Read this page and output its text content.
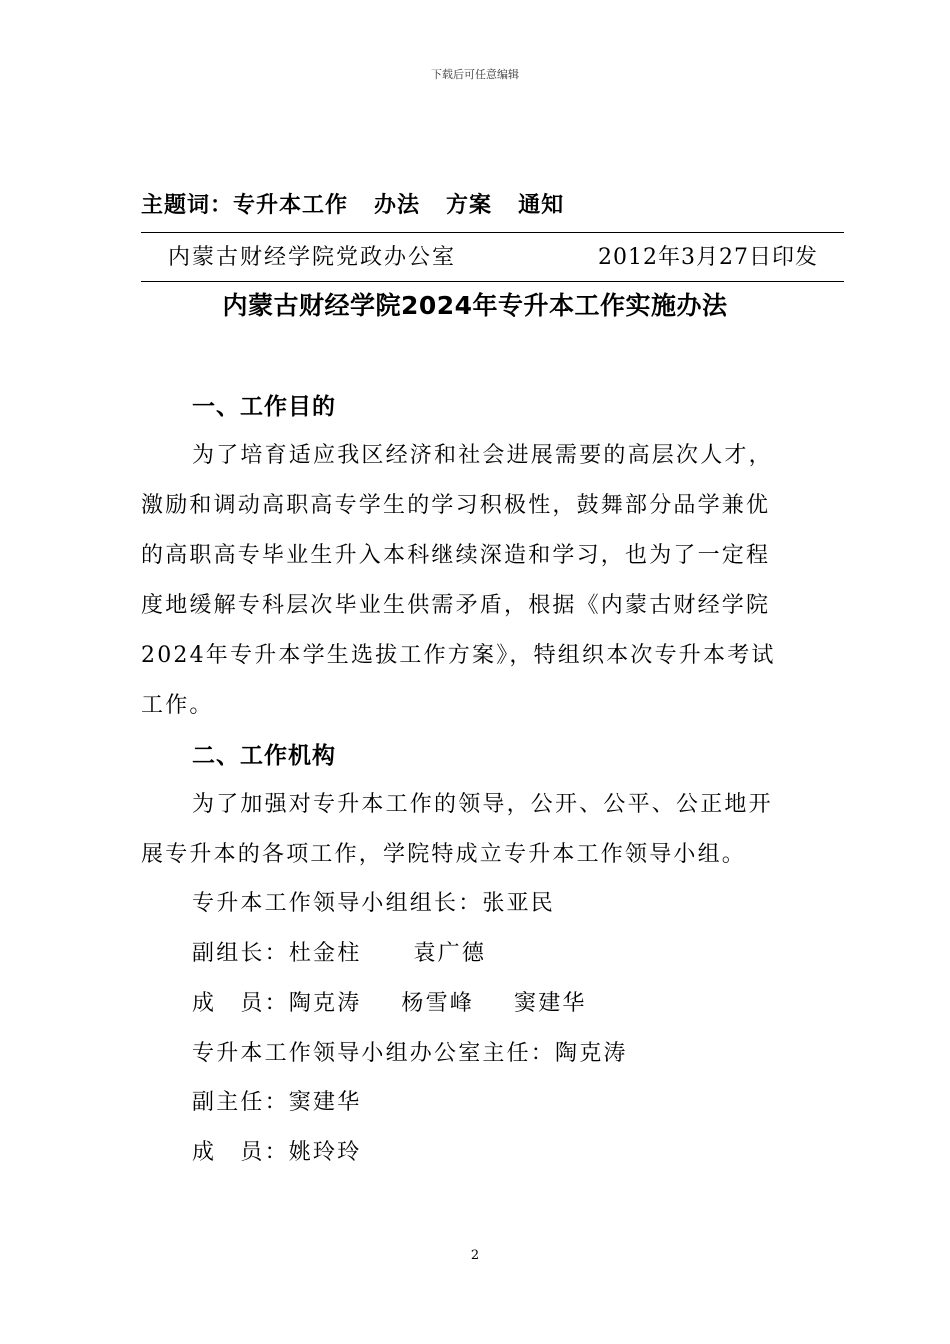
下载后可任意编辑
主题词：专升本工作 办法 方案 通知
内蒙古财经学院党政办公室	2012年3月27日印发
内蒙古财经学院2024年专升本工作实施办法
一、工作目的
为了培育适应我区经济和社会进展需要的高层次人才，
激励和调动高职高专学生的学习积极性，鼓舞部分品学兼优
的高职高专毕业生升入本科继续深造和学习，也为了一定程
度地缓解专科层次毕业生供需矛盾，根据《内蒙古财经学院
2024年专升本学生选拔工作方案》，特组织本次专升本考试
工作。
二、工作机构
为了加强对专升本工作的领导，公开、公平、公正地开
展专升本的各项工作，学院特成立专升本工作领导小组。
专升本工作领导小组组长：张亚民
副组长：杜金柱 袁广德
成　员：陶克涛 杨雪峰 窦建华
专升本工作领导小组办公室主任：陶克涛
副主任：窦建华
成　员：姚玲玲
2
